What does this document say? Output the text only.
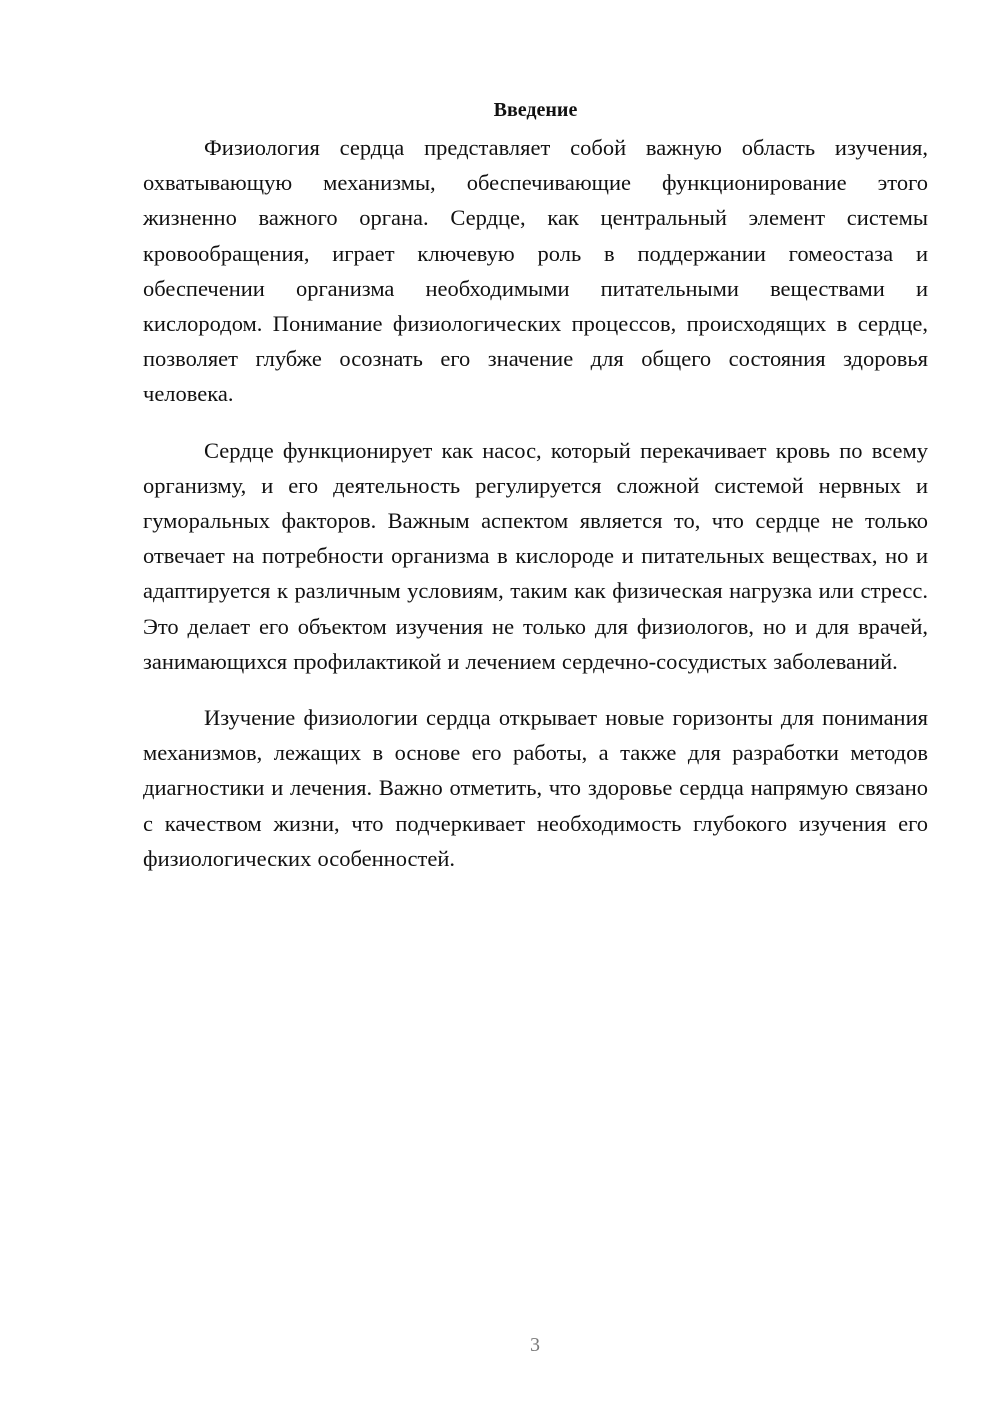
Введение

Физиология сердца представляет собой важную область изучения, охватывающую механизмы, обеспечивающие функционирование этого жизненно важного органа. Сердце, как центральный элемент системы кровообращения, играет ключевую роль в поддержании гомеостаза и обеспечении организма необходимыми питательными веществами и кислородом. Понимание физиологических процессов, происходящих в сердце, позволяет глубже осознать его значение для общего состояния здоровья человека.

Сердце функционирует как насос, который перекачивает кровь по всему организму, и его деятельность регулируется сложной системой нервных и гуморальных факторов. Важным аспектом является то, что сердце не только отвечает на потребности организма в кислороде и питательных веществах, но и адаптируется к различным условиям, таким как физическая нагрузка или стресс. Это делает его объектом изучения не только для физиологов, но и для врачей, занимающихся профилактикой и лечением сердечно-сосудистых заболеваний.

Изучение физиологии сердца открывает новые горизонты для понимания механизмов, лежащих в основе его работы, а также для разработки методов диагностики и лечения. Важно отметить, что здоровье сердца напрямую связано с качеством жизни, что подчеркивает необходимость глубокого изучения его физиологических особенностей.

3
